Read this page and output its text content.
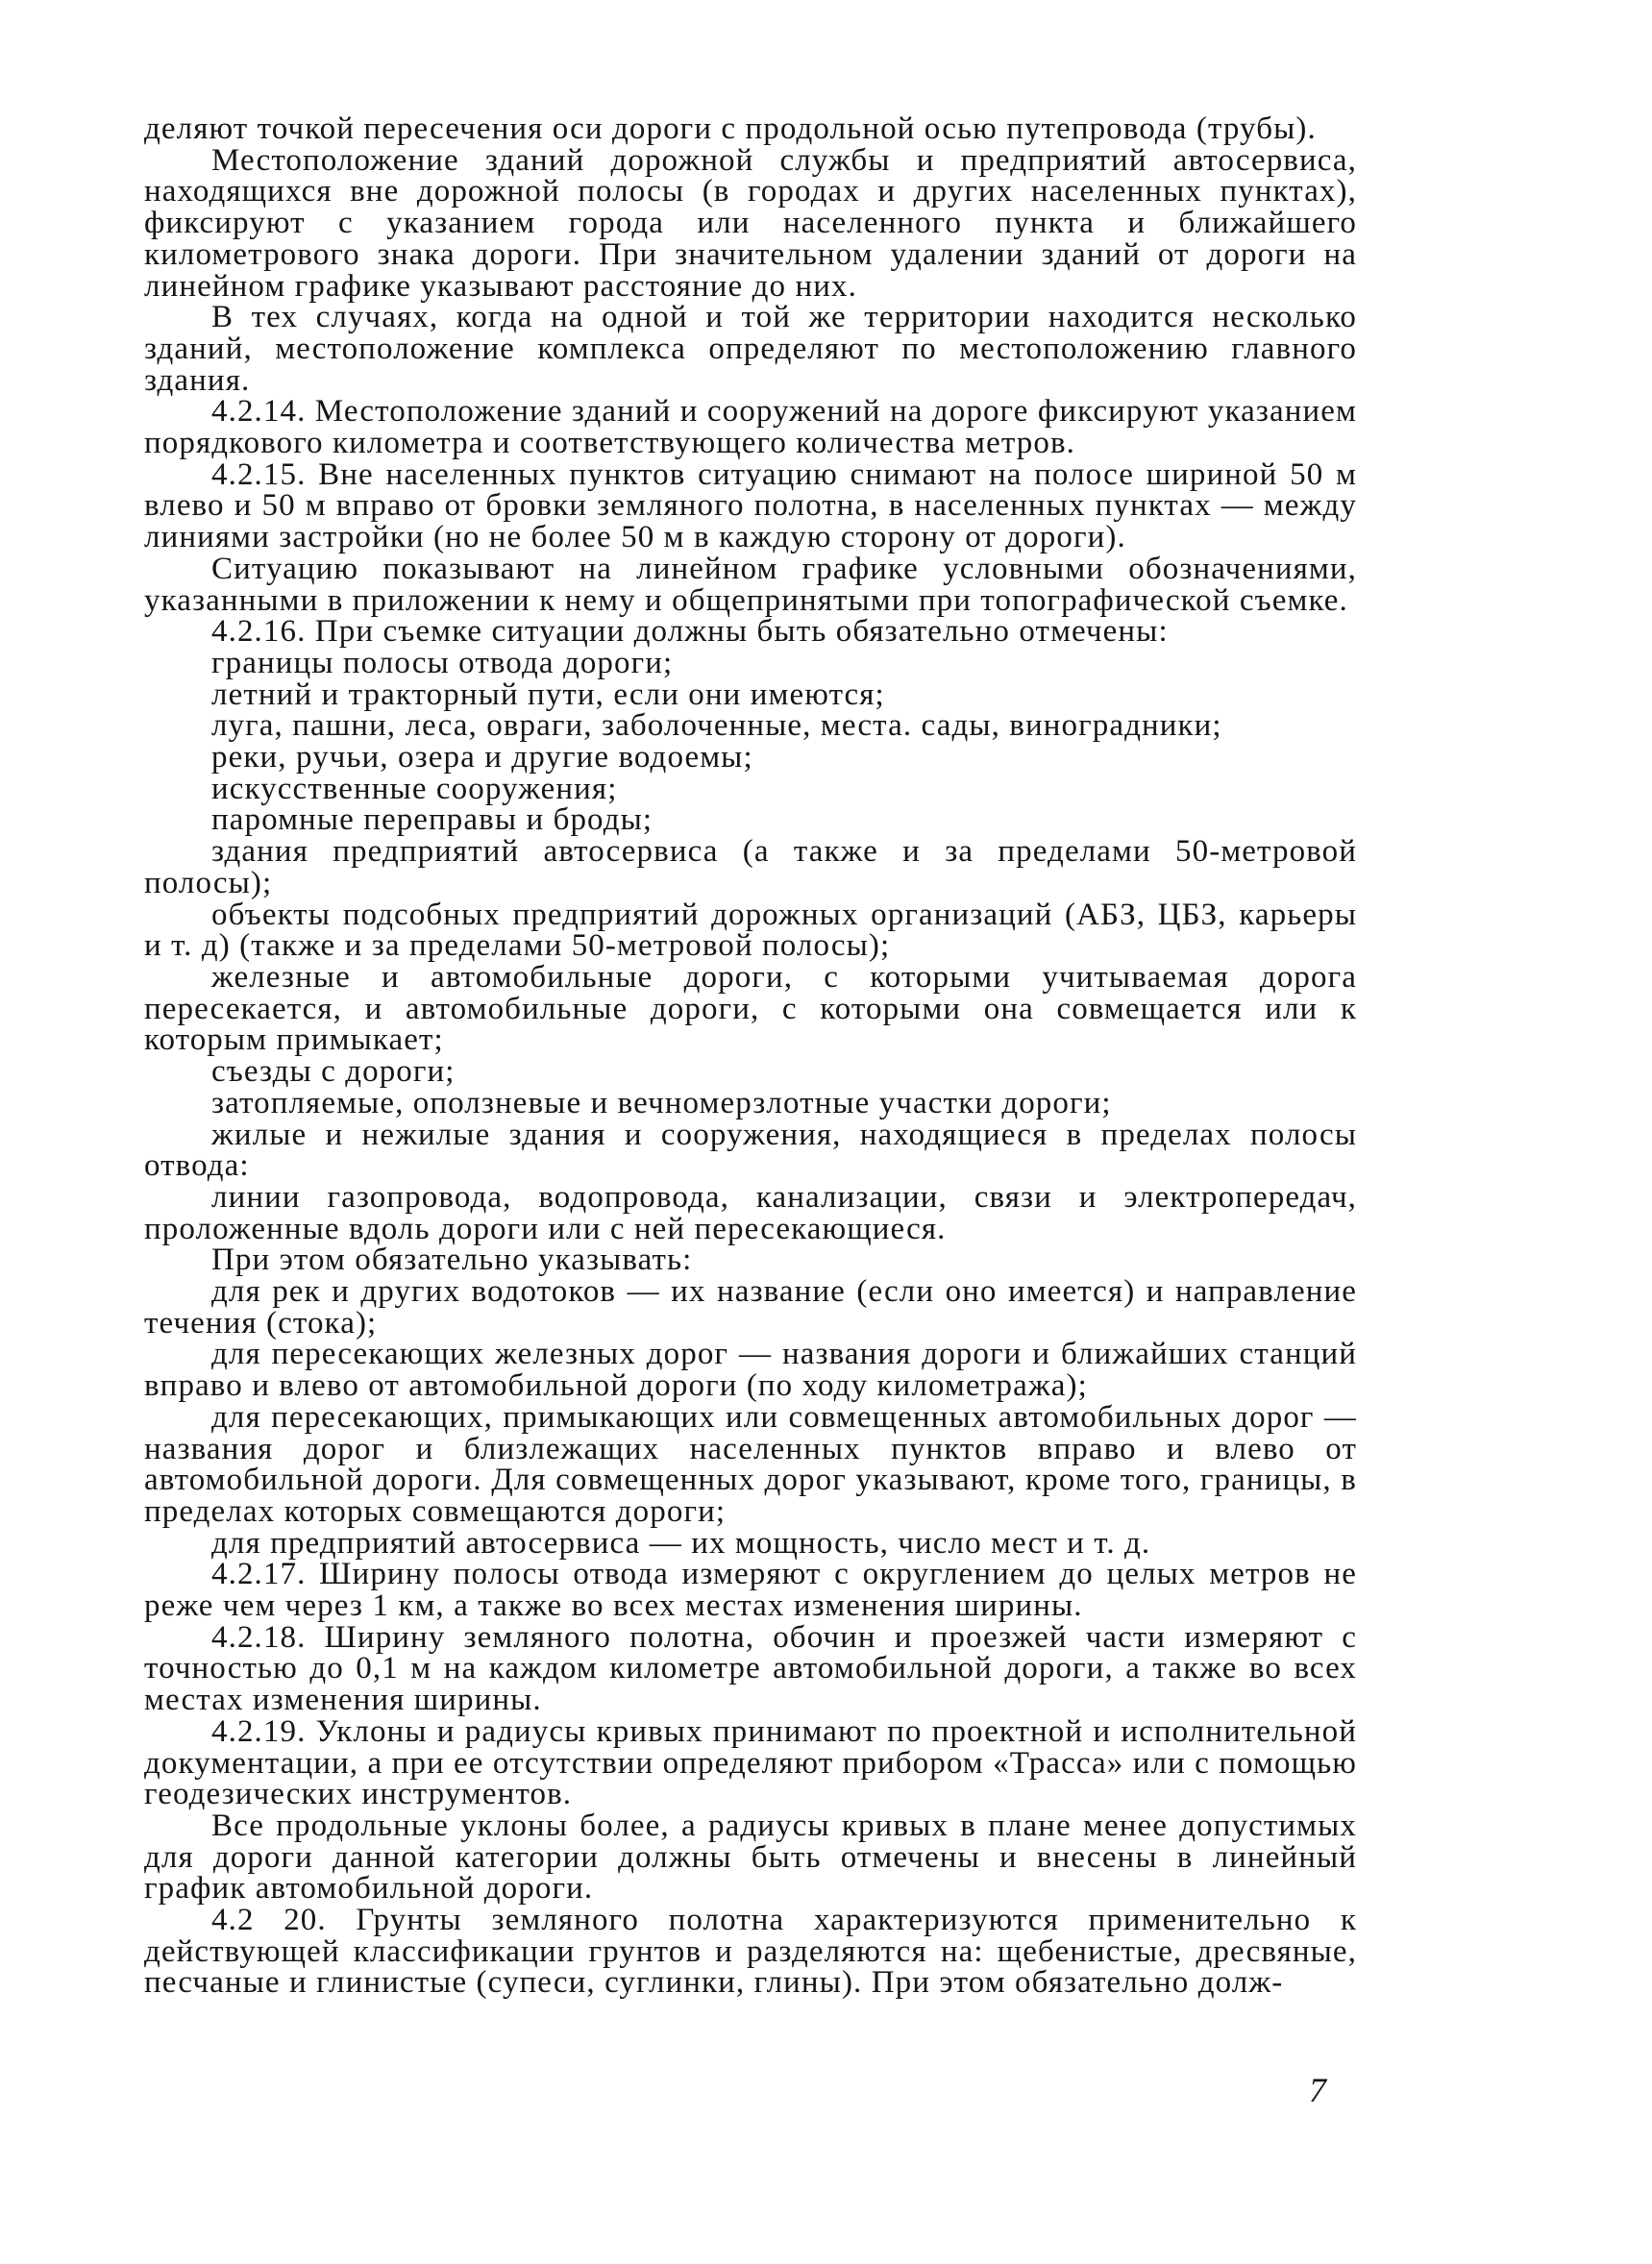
деляют точкой пересечения оси дороги с продольной осью путепровода (трубы).

Местоположение зданий дорожной службы и предприятий автосервиса, находящихся вне дорожной полосы (в городах и других населенных пунктах), фиксируют с указанием города или населенного пункта и ближайшего километрового знака дороги. При значительном удалении зданий от дороги на линейном графике указывают расстояние до них.

В тех случаях, когда на одной и той же территории находится несколько зданий, местоположение комплекса определяют по местоположению главного здания.

4.2.14. Местоположение зданий и сооружений на дороге фиксируют указанием порядкового километра и соответствующего количества метров.

4.2.15. Вне населенных пунктов ситуацию снимают на полосе шириной 50 м влево и 50 м вправо от бровки земляного полотна, в населенных пунктах — между линиями застройки (но не более 50 м в каждую сторону от дороги).

Ситуацию показывают на линейном графике условными обозначениями, указанными в приложении к нему и общепринятыми при топографической съемке.

4.2.16. При съемке ситуации должны быть обязательно отмечены:

границы полосы отвода дороги;

летний и тракторный пути, если они имеются;

луга, пашни, леса, овраги, заболоченные, места. сады, виноградники;

реки, ручьи, озера и другие водоемы;

искусственные сооружения;

паромные переправы и броды;

здания предприятий автосервиса (а также и за пределами 50-метровой полосы);

объекты подсобных предприятий дорожных организаций (АБЗ, ЦБЗ, карьеры и т. д) (также и за пределами 50-метровой полосы);

железные и автомобильные дороги, с которыми учитываемая дорога пересекается, и автомобильные дороги, с которыми она совмещается или к которым примыкает;

съезды с дороги;

затопляемые, оползневые и вечномерзлотные участки дороги;

жилые и нежилые здания и сооружения, находящиеся в пределах полосы отвода:

линии газопровода, водопровода, канализации, связи и электропередач, проложенные вдоль дороги или с ней пересекающиеся.

При этом обязательно указывать:

для рек и других водотоков — их название (если оно имеется) и направление течения (стока);

для пересекающих железных дорог — названия дороги и ближайших станций вправо и влево от автомобильной дороги (по ходу километража);

для пересекающих, примыкающих или совмещенных автомобильных дорог — названия дорог и близлежащих населенных пунктов вправо и влево от автомобильной дороги. Для совмещенных дорог указывают, кроме того, границы, в пределах которых совмещаются дороги;

для предприятий автосервиса — их мощность, число мест и т. д.

4.2.17. Ширину полосы отвода измеряют с округлением до целых метров не реже чем через 1 км, а также во всех местах изменения ширины.

4.2.18. Ширину земляного полотна, обочин и проезжей части измеряют с точностью до 0,1 м на каждом километре автомобильной дороги, а также во всех местах изменения ширины.

4.2.19. Уклоны и радиусы кривых принимают по проектной и исполнительной документации, а при ее отсутствии определяют прибором «Трасса» или с помощью геодезических инструментов.

Все продольные уклоны более, а радиусы кривых в плане менее допустимых для дороги данной категории должны быть отмечены и внесены в линейный график автомобильной дороги.

4.2 20. Грунты земляного полотна характеризуются применительно к действующей классификации грунтов и разделяются на: щебенистые, дресвяные, песчаные и глинистые (супеси, суглинки, глины). При этом обязательно долж-

7
